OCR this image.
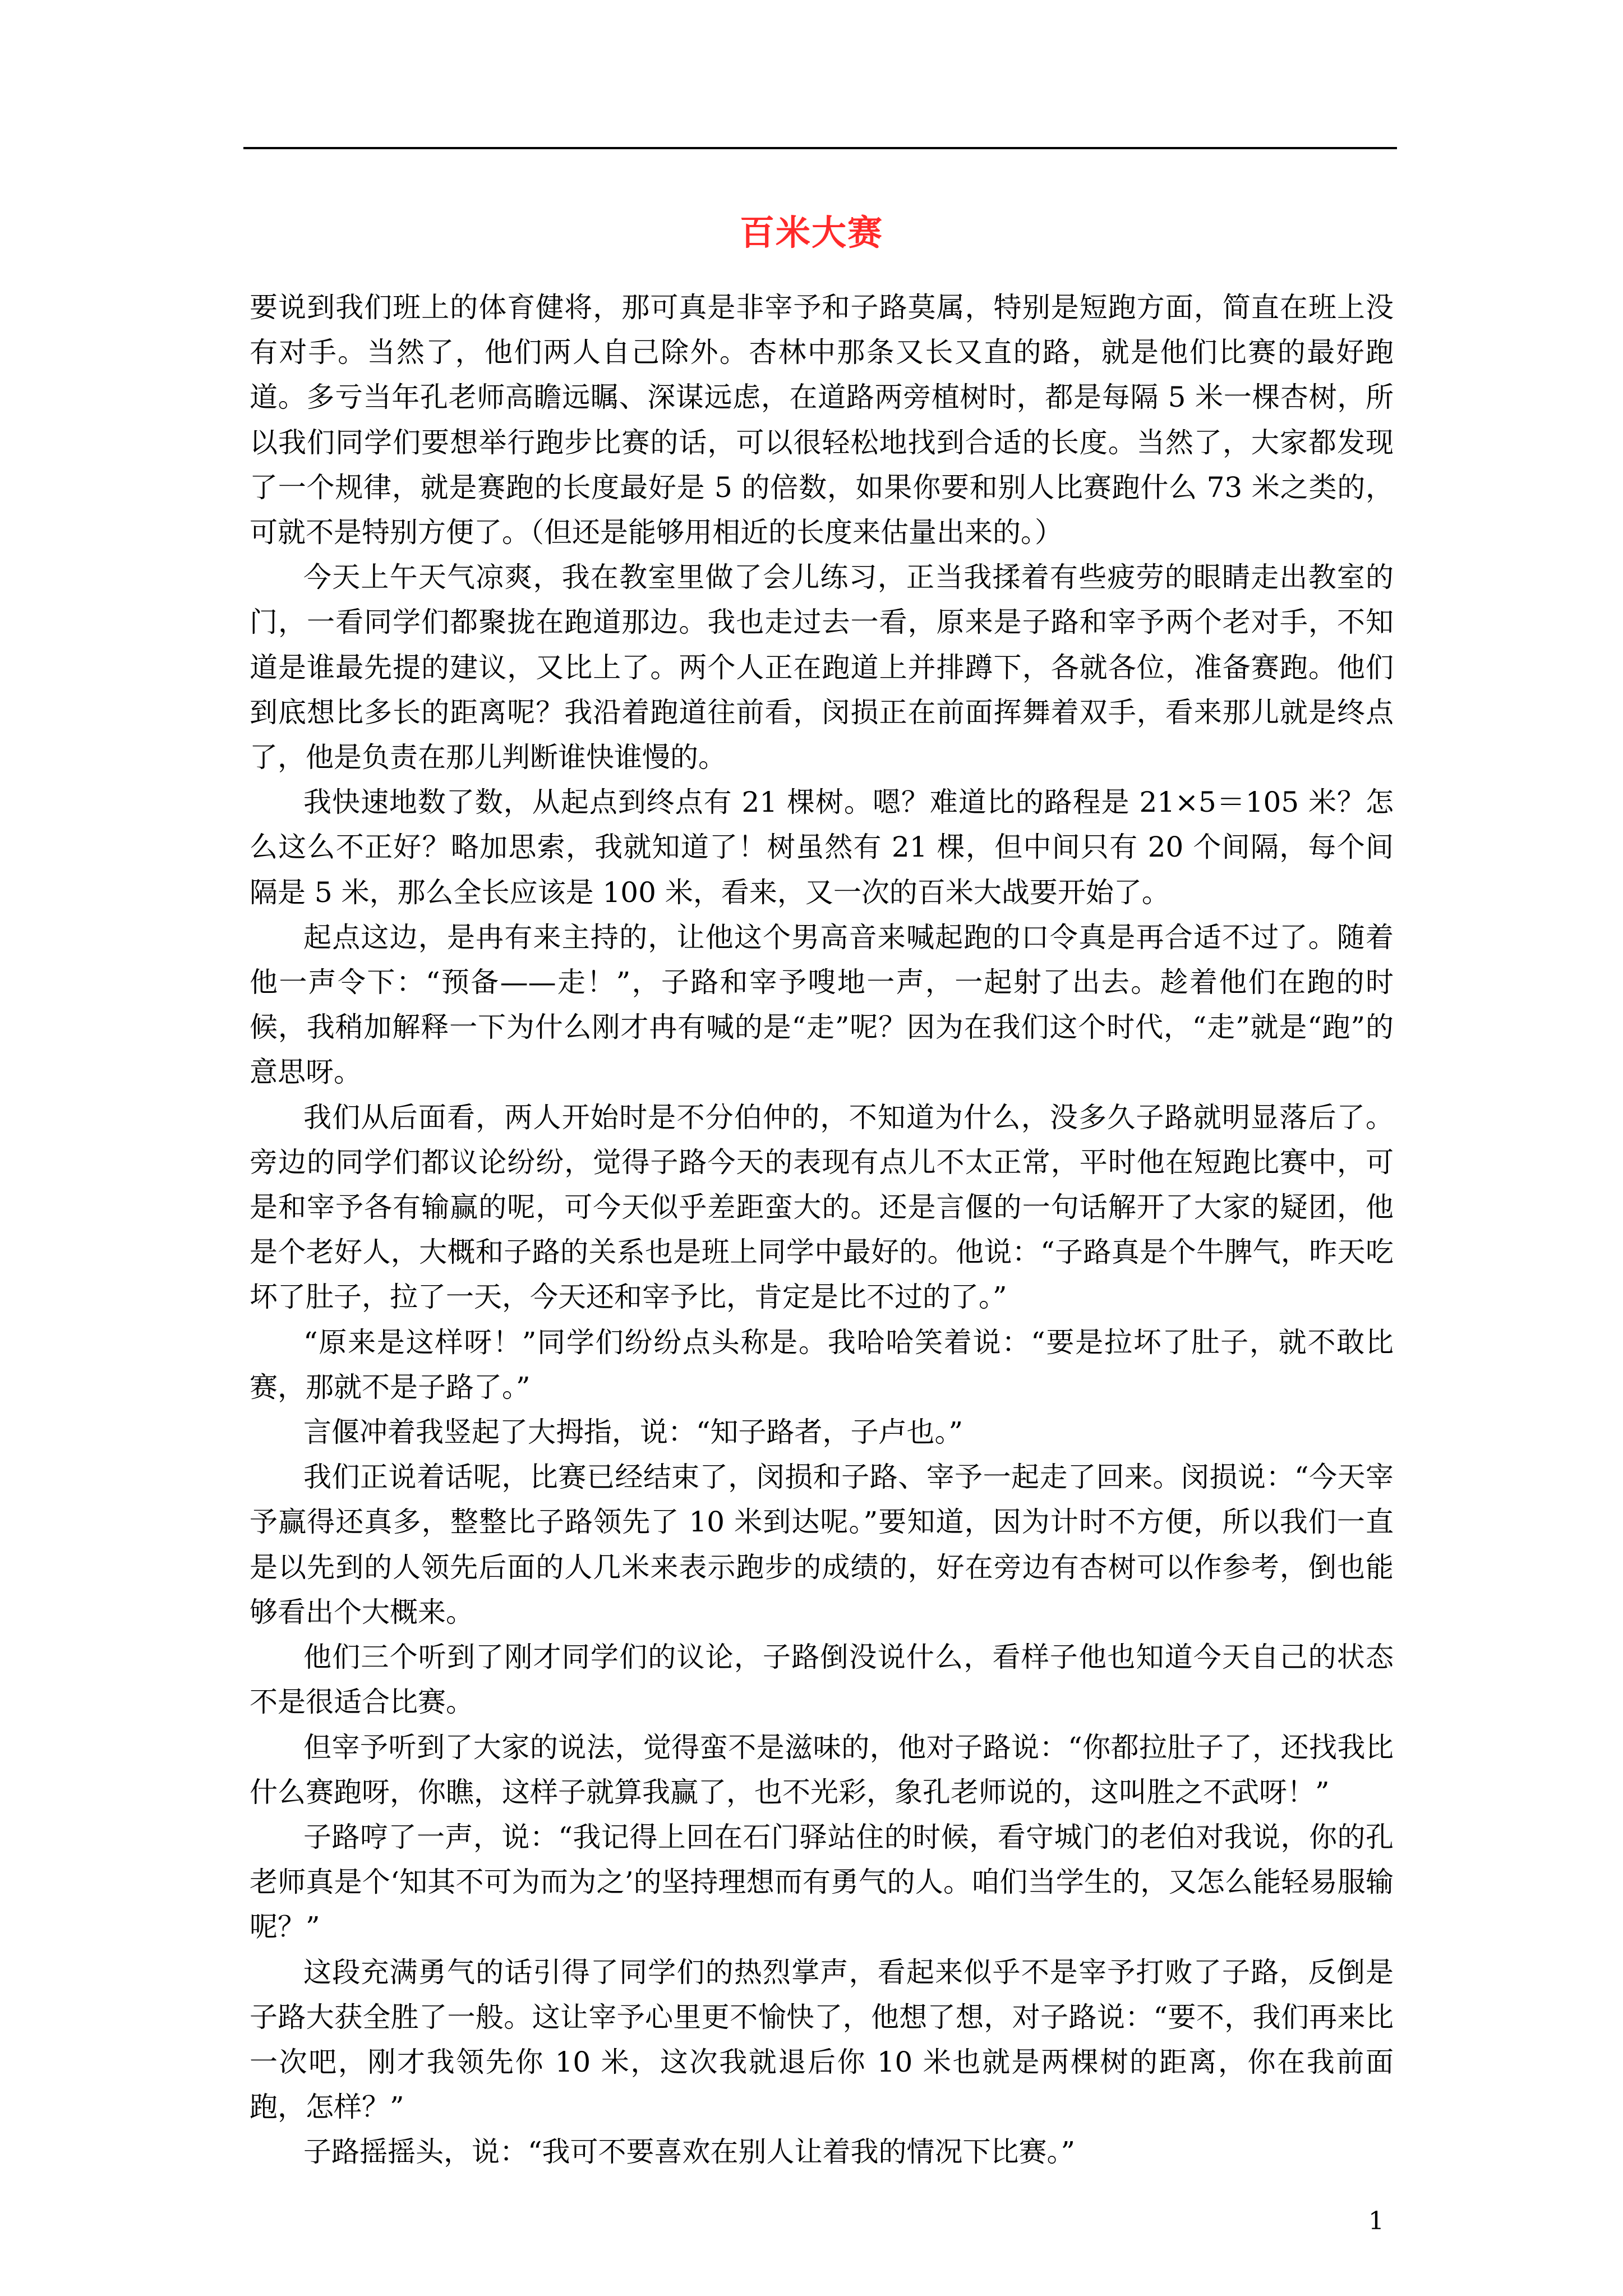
百米大赛

要说到我们班上的体育健将，那可真是非宰予和子路莫属，特别是短跑方面，简直在班上没有对手。当然了，他们两人自己除外。杏林中那条又长又直的路，就是他们比赛的最好跑道。多亏当年孔老师高瞻远瞩、深谋远虑，在道路两旁植树时，都是每隔 5 米一棵杏树，所以我们同学们要想举行跑步比赛的话，可以很轻松地找到合适的长度。当然了，大家都发现了一个规律，就是赛跑的长度最好是 5 的倍数，如果你要和别人比赛跑什么 73 米之类的，可就不是特别方便了。（但还是能够用相近的长度来估量出来的。）

今天上午天气凉爽，我在教室里做了会儿练习，正当我揉着有些疲劳的眼睛走出教室的门，一看同学们都聚拢在跑道那边。我也走过去一看，原来是子路和宰予两个老对手，不知道是谁最先提的建议，又比上了。两个人正在跑道上并排蹲下，各就各位，准备赛跑。他们到底想比多长的距离呢？我沿着跑道往前看，闵损正在前面挥舞着双手，看来那儿就是终点了，他是负责在那儿判断谁快谁慢的。

我快速地数了数，从起点到终点有 21 棵树。嗯？难道比的路程是 21×5＝105 米？怎么这么不正好？略加思索，我就知道了！树虽然有 21 棵，但中间只有 20 个间隔，每个间隔是 5 米，那么全长应该是 100 米，看来，又一次的百米大战要开始了。

起点这边，是冉有来主持的，让他这个男高音来喊起跑的口令真是再合适不过了。随着他一声令下：“预备——走！”，子路和宰予嗖地一声，一起射了出去。趁着他们在跑的时候，我稍加解释一下为什么刚才冉有喊的是“走”呢？因为在我们这个时代，“走”就是“跑”的意思呀。

我们从后面看，两人开始时是不分伯仲的，不知道为什么，没多久子路就明显落后了。旁边的同学们都议论纷纷，觉得子路今天的表现有点儿不太正常，平时他在短跑比赛中，可是和宰予各有输赢的呢，可今天似乎差距蛮大的。还是言偃的一句话解开了大家的疑团，他是个老好人，大概和子路的关系也是班上同学中最好的。他说：“子路真是个牛脾气，昨天吃坏了肚子，拉了一天，今天还和宰予比，肯定是比不过的了。”

“原来是这样呀！”同学们纷纷点头称是。我哈哈笑着说：“要是拉坏了肚子，就不敢比赛，那就不是子路了。”

言偃冲着我竖起了大拇指，说：“知子路者，子卢也。”

我们正说着话呢，比赛已经结束了，闵损和子路、宰予一起走了回来。闵损说：“今天宰予赢得还真多，整整比子路领先了 10 米到达呢。”要知道，因为计时不方便，所以我们一直是以先到的人领先后面的人几米来表示跑步的成绩的，好在旁边有杏树可以作参考，倒也能够看出个大概来。

他们三个听到了刚才同学们的议论，子路倒没说什么，看样子他也知道今天自己的状态不是很适合比赛。

但宰予听到了大家的说法，觉得蛮不是滋味的，他对子路说：“你都拉肚子了，还找我比什么赛跑呀，你瞧，这样子就算我赢了，也不光彩，象孔老师说的，这叫胜之不武呀！”

子路哼了一声，说：“我记得上回在石门驿站住的时候，看守城门的老伯对我说，你的孔老师真是个‘知其不可为而为之’的坚持理想而有勇气的人。咱们当学生的，又怎么能轻易服输呢？”

这段充满勇气的话引得了同学们的热烈掌声，看起来似乎不是宰予打败了子路，反倒是子路大获全胜了一般。这让宰予心里更不愉快了，他想了想，对子路说：“要不，我们再来比一次吧，刚才我领先你 10 米，这次我就退后你 10 米也就是两棵树的距离，你在我前面跑，怎样？”

子路摇摇头，说：“我可不要喜欢在别人让着我的情况下比赛。”

1
